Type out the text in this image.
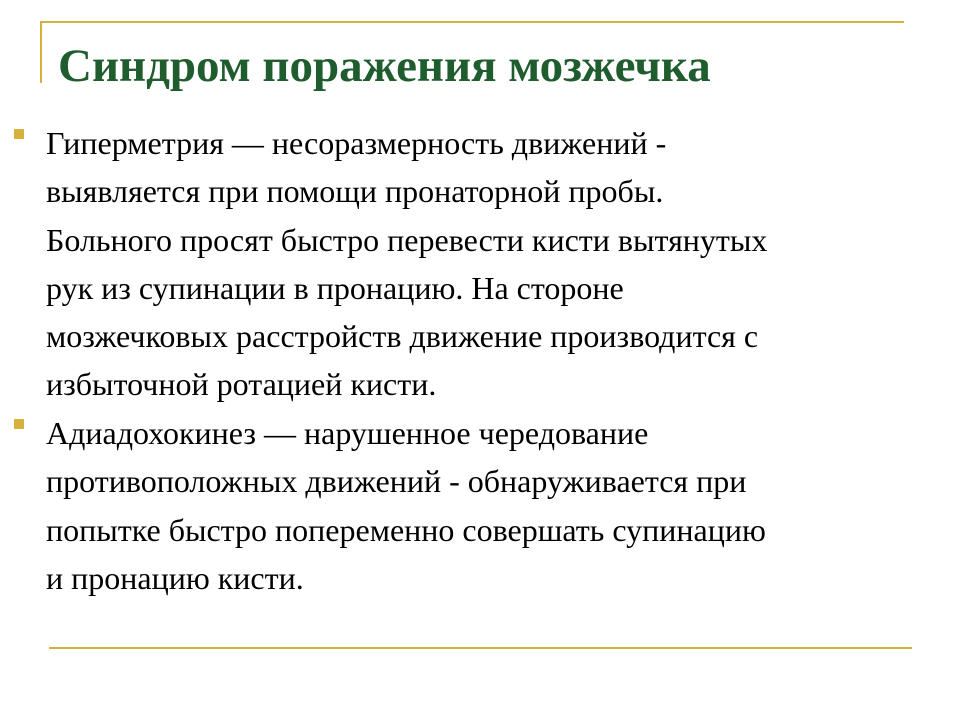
Синдром поражения мозжечка
Гиперметрия — несоразмерность движений -
выявляется при помощи пронаторной пробы.
Больного просят быстро перевести кисти вытянутых
рук из супинации в пронацию. На стороне
мозжечковых расстройств движение производится с
избыточной ротацией кисти.
Адиадохокинез — нарушенное чередование
противоположных движений - обнаруживается при
попытке быстро попеременно совершать супинацию
и пронацию кисти.
